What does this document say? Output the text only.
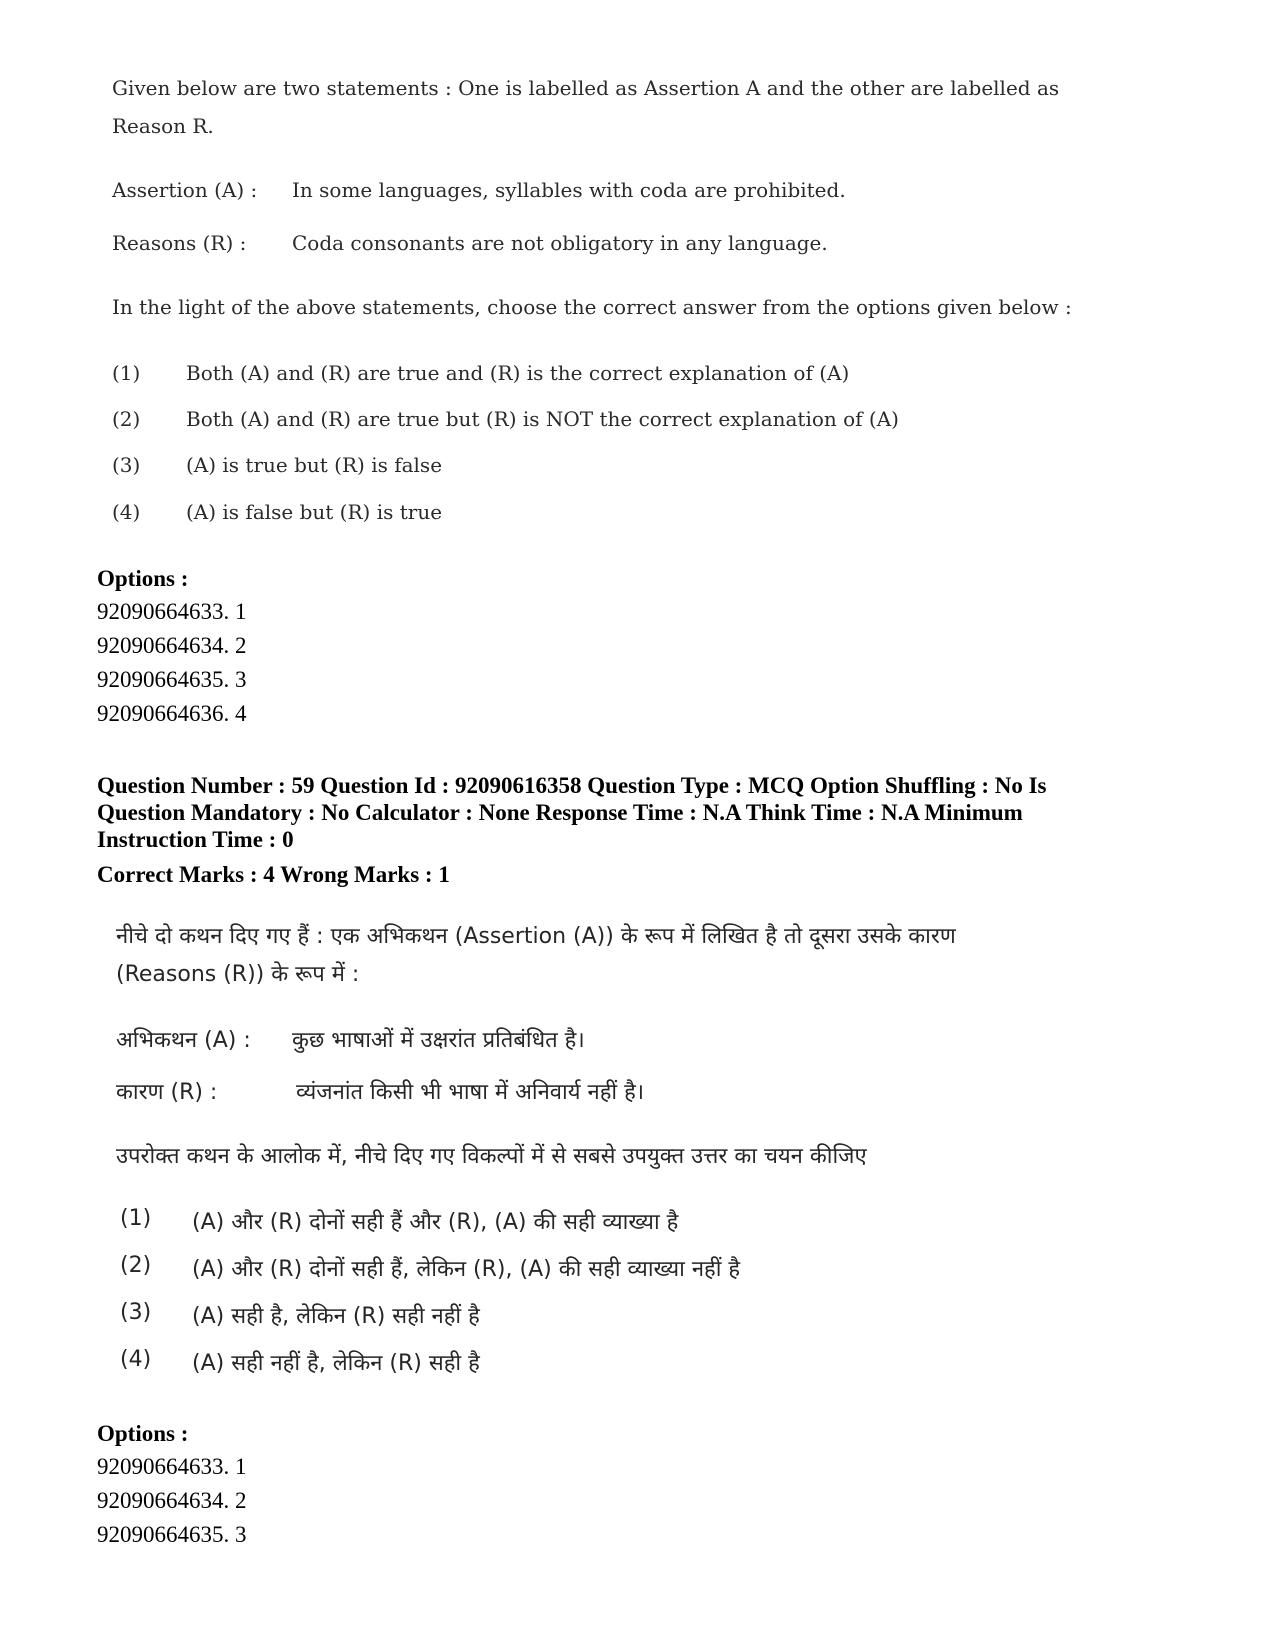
Given below are two statements : One is labelled as Assertion A and the other are labelled as
Reason R.
Assertion (A) : In some languages, syllables with coda are prohibited.
Reasons (R) : Coda consonants are not obligatory in any language.
In the light of the above statements, choose the correct answer from the options given below :
(1) Both (A) and (R) are true and (R) is the correct explanation of (A)
(2) Both (A) and (R) are true but (R) is NOT the correct explanation of (A)
(3) (A) is true but (R) is false
(4) (A) is false but (R) is true
Options :
92090664633. 1
92090664634. 2
92090664635. 3
92090664636. 4
Question Number : 59 Question Id : 92090616358 Question Type : MCQ Option Shuffling : No Is
Question Mandatory : No Calculator : None Response Time : N.A Think Time : N.A Minimum
Instruction Time : 0
Correct Marks : 4 Wrong Marks : 1
नीचे दो कथन दिए गए हैं : एक अभिकथन (Assertion (A)) के रूप में लिखित है तो दूसरा उसके कारण
(Reasons (R)) के रूप में :
अभिकथन (A) : कुछ भाषाओं में उक्षरांत प्रतिबंधित है।
कारण (R) :	व्यंजनांत किसी भी भाषा में अनिवार्य नहीं है।
उपरोक्त कथन के आलोक में, नीचे दिए गए विकल्पों में से सबसे उपयुक्त उत्तर का चयन कीजिए
(1) (A) और (R) दोनों सही हैं और (R), (A) की सही व्याख्या है
(2) (A) और (R) दोनों सही हैं, लेकिन (R), (A) की सही व्याख्या नहीं है
(3) (A) सही है, लेकिन (R) सही नहीं है
(4) (A) सही नहीं है, लेकिन (R) सही है
Options :
92090664633. 1
92090664634. 2
92090664635. 3
